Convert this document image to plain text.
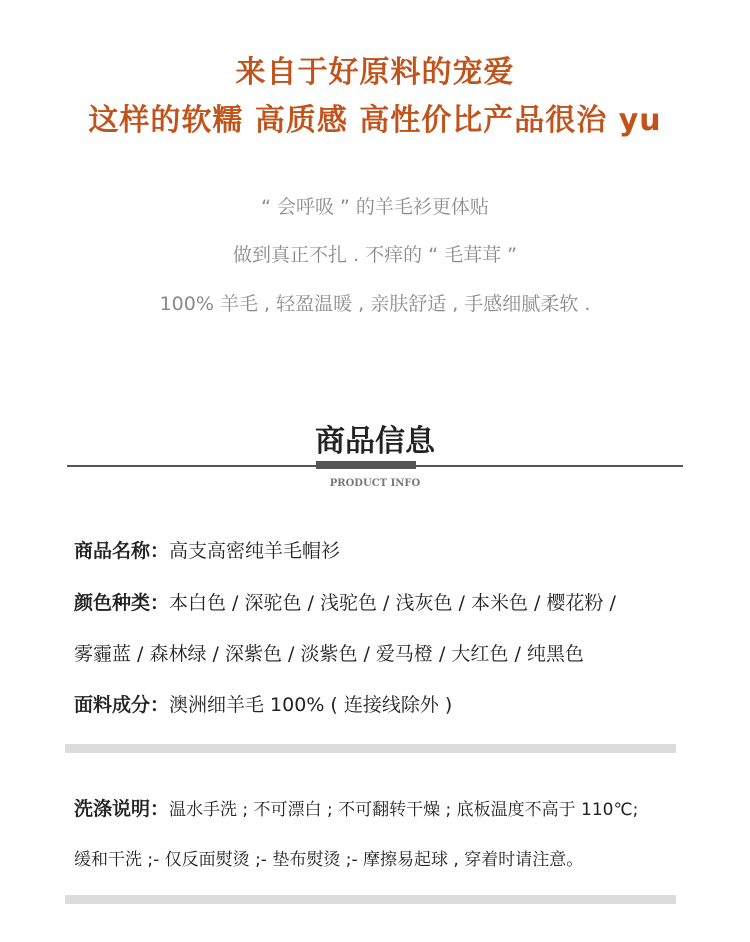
来自于好原料的宠爱
这样的软糯 高质感 高性价比产品很治 yu
“ 会呼吸 ” 的羊毛衫更体贴
做到真正不扎 . 不痒的 “ 毛茸茸 ”
100% 羊毛 , 轻盈温暖 , 亲肤舒适 , 手感细腻柔软 .
商品信息
PRODUCT INFO
商品名称：高支高密纯羊毛帽衫
颜色种类：本白色 / 深驼色 / 浅驼色 / 浅灰色 / 本米色 / 樱花粉 /
雾霾蓝 / 森林绿 / 深紫色 / 淡紫色 / 爱马橙 / 大红色 / 纯黑色
面料成分：澳洲细羊毛 100% ( 连接线除外 )
洗涤说明：温水手洗 ; 不可漂白 ; 不可翻转干燥 ; 底板温度不高于 110℃;
缓和干洗 ;- 仅反面熨烫 ;- 垫布熨烫 ;- 摩擦易起球 , 穿着时请注意。
